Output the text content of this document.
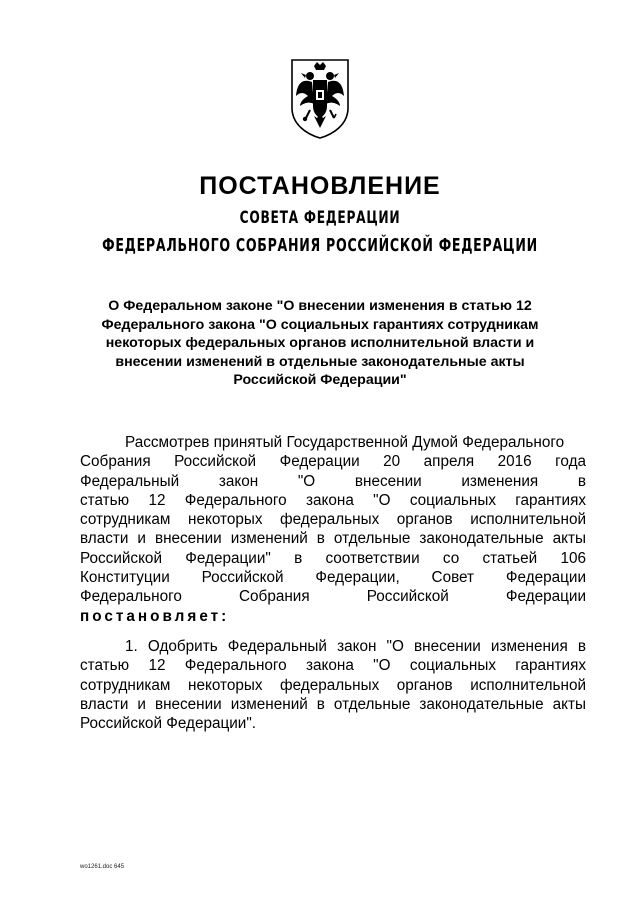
ПОСТАНОВЛЕНИЕ
СОВЕТА ФЕДЕРАЦИИ
ФЕДЕРАЛЬНОГО СОБРАНИЯ РОССИЙСКОЙ ФЕДЕРАЦИИ
О Федеральном законе "О внесении изменения в статью 12
Федерального закона "О социальных гарантиях сотрудникам
некоторых федеральных органов исполнительной власти и
внесении изменений в отдельные законодательные акты
Российской Федерации"
Рассмотрев принятый Государственной Думой Федерального
Собрания Российской Федерации 20 апреля 2016 года
Федеральный закон "О внесении изменения в
статью 12 Федерального закона "О социальных гарантиях
сотрудникам некоторых федеральных органов исполнительной
власти и внесении изменений в отдельные законодательные акты
Российской Федерации" в соответствии со статьей 106
Конституции Российской Федерации, Совет Федерации
Федерального Собрания Российской Федерации
постановляет:
1. Одобрить Федеральный закон "О внесении изменения в
статью 12 Федерального закона "О социальных гарантиях
сотрудникам некоторых федеральных органов исполнительной
власти и внесении изменений в отдельные законодательные акты
Российской Федерации".
wo1261.doc 645
